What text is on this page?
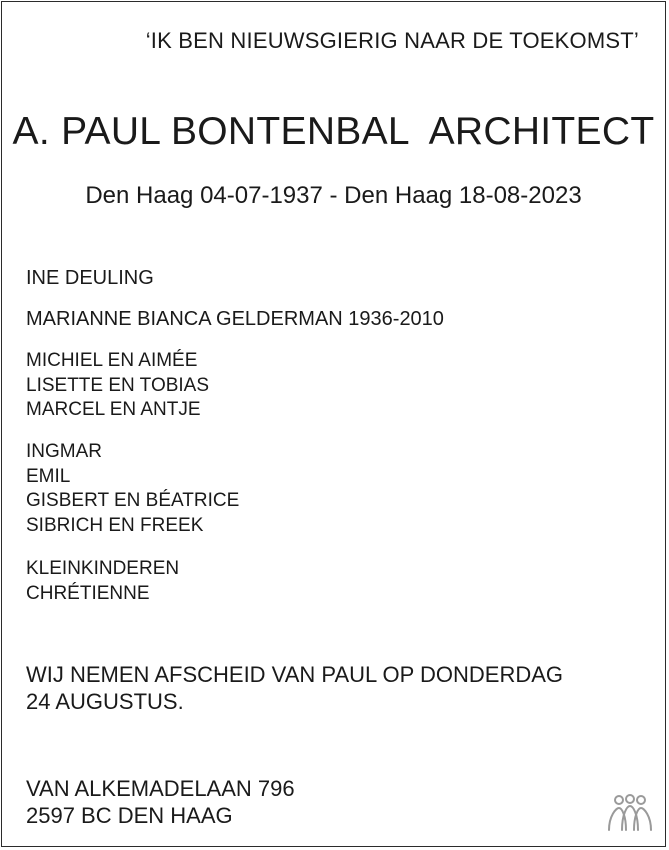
‘IK BEN NIEUWSGIERIG NAAR DE TOEKOMST’
A. PAUL BONTENBAL  ARCHITECT
Den Haag 04-07-1937 - Den Haag 18-08-2023
INE DEULING
MARIANNE BIANCA GELDERMAN 1936-2010
MICHIEL EN AIMÉE
LISETTE EN TOBIAS
MARCEL EN ANTJE
INGMAR
EMIL
GISBERT EN BÉATRICE
SIBRICH EN FREEK
KLEINKINDEREN
CHRÉTIENNE
WIJ NEMEN AFSCHEID VAN PAUL OP DONDERDAG
24 AUGUSTUS.
VAN ALKEMADELAAN 796
2597 BC DEN HAAG
